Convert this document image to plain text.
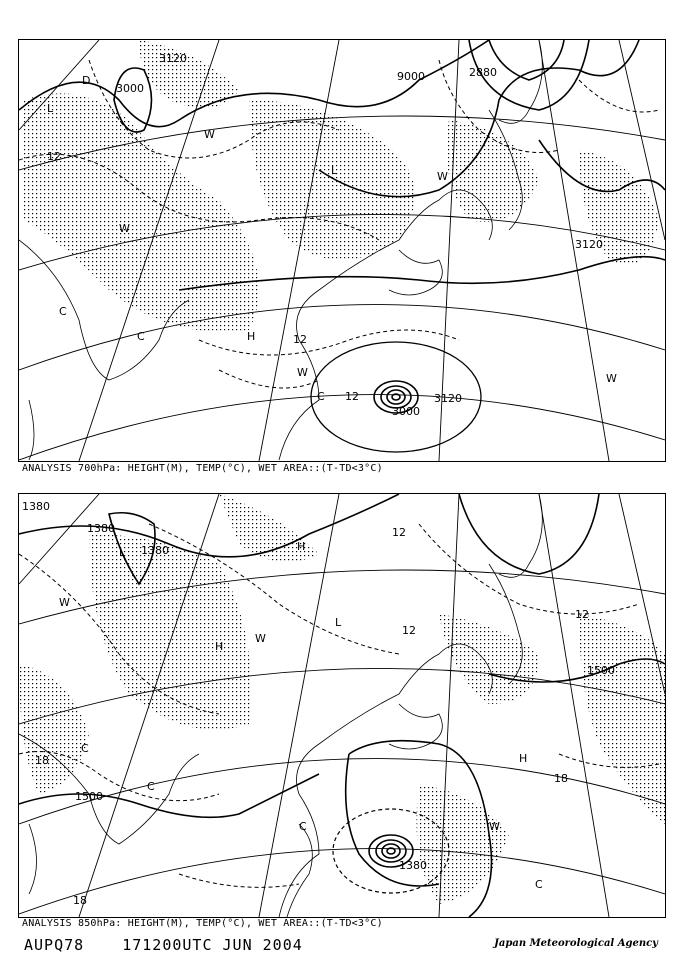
3120
3000
9000	2880
12
3120
12
3000
3120
12
L
D
W
W
C
C
W
W
C
W
L
H
ANALYSIS 700hPa: HEIGHT(M), TEMP(°C), WET AREA::(T-TD<3°C)
1380
1380
1380
12
12
1500
1500
18
18
18
12
1380
L
W
H
H
W
C
C
H
W
C
C
L
ANALYSIS 850hPa: HEIGHT(M), TEMP(°C), WET AREA::(T-TD<3°C)
AUPQ78	171200UTC JUN 2004	Japan Meteorological Agency
